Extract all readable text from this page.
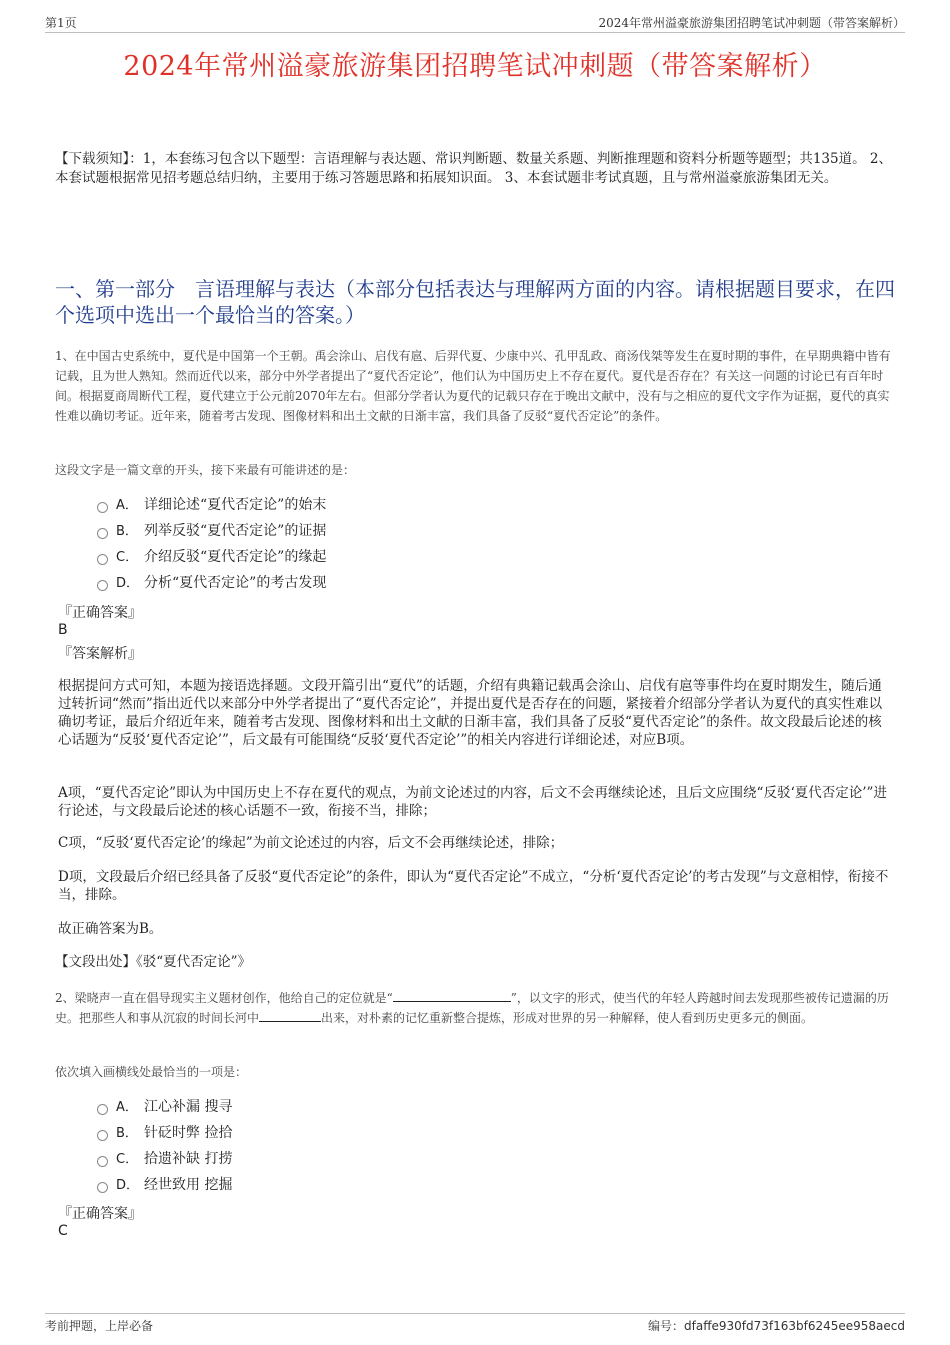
第1页	2024年常州溢豪旅游集团招聘笔试冲刺题（带答案解析）
2024年常州溢豪旅游集团招聘笔试冲刺题（带答案解析）
【下载须知】：1，本套练习包含以下题型：言语理解与表达题、常识判断题、数量关系题、判断推理题和资料分析题等题型；共135道。 2、本套试题根据常见招考题总结归纳，主要用于练习答题思路和拓展知识面。 3、本套试题非考试真题，且与常州溢豪旅游集团无关。
一、第一部分　言语理解与表达（本部分包括表达与理解两方面的内容。请根据题目要求，在四个选项中选出一个最恰当的答案。）
1、在中国古史系统中，夏代是中国第一个王朝。禹会涂山、启伐有扈、后羿代夏、少康中兴、孔甲乱政、商汤伐桀等发生在夏时期的事件，在早期典籍中皆有记载，且为世人熟知。然而近代以来，部分中外学者提出了“夏代否定论”，他们认为中国历史上不存在夏代。夏代是否存在？有关这一问题的讨论已有百年时间。根据夏商周断代工程，夏代建立于公元前2070年左右。但部分学者认为夏代的记载只存在于晚出文献中，没有与之相应的夏代文字作为证据，夏代的真实性难以确切考证。近年来，随着考古发现、图像材料和出土文献的日渐丰富，我们具备了反驳“夏代否定论”的条件。
这段文字是一篇文章的开头，接下来最有可能讲述的是：
A． 详细论述“夏代否定论”的始末
B． 列举反驳“夏代否定论”的证据
C． 介绍反驳“夏代否定论”的缘起
D． 分析“夏代否定论”的考古发现
『正确答案』
B
『答案解析』
根据提问方式可知，本题为接语选择题。文段开篇引出“夏代”的话题，介绍有典籍记载禹会涂山、启伐有扈等事件均在夏时期发生，随后通过转折词“然而”指出近代以来部分中外学者提出了“夏代否定论”，并提出夏代是否存在的问题，紧接着介绍部分学者认为夏代的真实性难以确切考证，最后介绍近年来，随着考古发现、图像材料和出土文献的日渐丰富，我们具备了反驳“夏代否定论”的条件。故文段最后论述的核心话题为“反驳‘夏代否定论’”，后文最有可能围绕“反驳‘夏代否定论’”的相关内容进行详细论述，对应B项。
A项，“夏代否定论”即认为中国历史上不存在夏代的观点，为前文论述过的内容，后文不会再继续论述，且后文应围绕“反驳‘夏代否定论’”进行论述，与文段最后论述的核心话题不一致，衔接不当，排除；
C项，“反驳‘夏代否定论’的缘起”为前文论述过的内容，后文不会再继续论述，排除；
D项，文段最后介绍已经具备了反驳“夏代否定论”的条件，即认为“夏代否定论”不成立，“分析‘夏代否定论’的考古发现”与文意相悖，衔接不当，排除。
故正确答案为B。
【文段出处】《驳“夏代否定论”》
2、梁晓声一直在倡导现实主义题材创作，他给自己的定位就是“	”，以文字的形式，使当代的年轻人跨越时间去发现那些被传记遗漏的历史。把那些人和事从沉寂的时间长河中	出来，对朴素的记忆重新整合提炼，形成对世界的另一种解释，使人看到历史更多元的侧面。
依次填入画横线处最恰当的一项是：
A． 江心补漏 搜寻
B． 针砭时弊 捡拾
C． 拾遗补缺 打捞
D． 经世致用 挖掘
『正确答案』
C
考前押题，上岸必备	编号：dfaffe930fd73f163bf6245ee958aecd
